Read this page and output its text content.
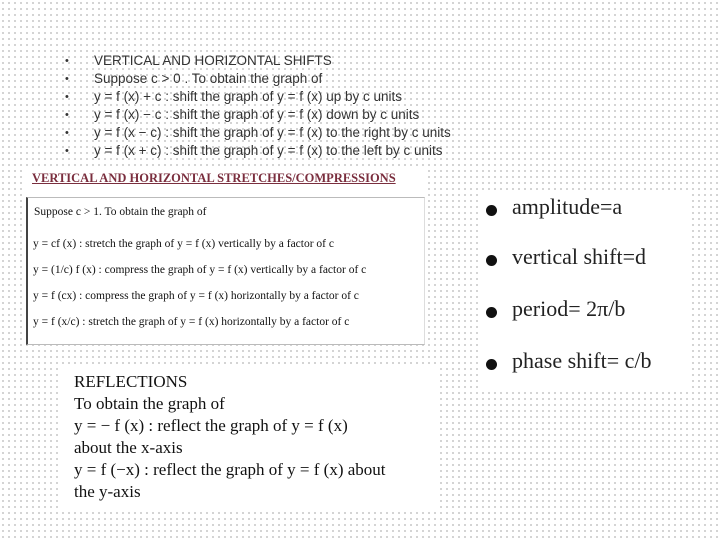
• VERTICAL AND HORIZONTAL SHIFTS
• Suppose c > 0 . To obtain the graph of
• y = f (x) + c : shift the graph of y = f (x) up by c units
• y = f (x) − c : shift the graph of y = f (x) down by c units
• y = f (x − c) : shift the graph of y = f (x) to the right by c units
• y = f (x + c) : shift the graph of y = f (x) to the left by c units
VERTICAL AND HORIZONTAL STRETCHES/COMPRESSIONS
Suppose c > 1. To obtain the graph of
y = cf (x) : stretch the graph of y = f (x) vertically by a factor of c
y = (1/c) f (x) : compress the graph of y = f (x) vertically by a factor of c
y = f (cx) : compress the graph of y = f (x) horizontally by a factor of c
y = f (x/c) : stretch the graph of y = f (x) horizontally by a factor of c
amplitude=a
vertical shift=d
period= 2π/b
phase shift= c/b
REFLECTIONS
To obtain the graph of
y = − f (x) : reflect the graph of y = f (x)
about the x-axis
y = f (−x) : reflect the graph of y = f (x) about
the y-axis
